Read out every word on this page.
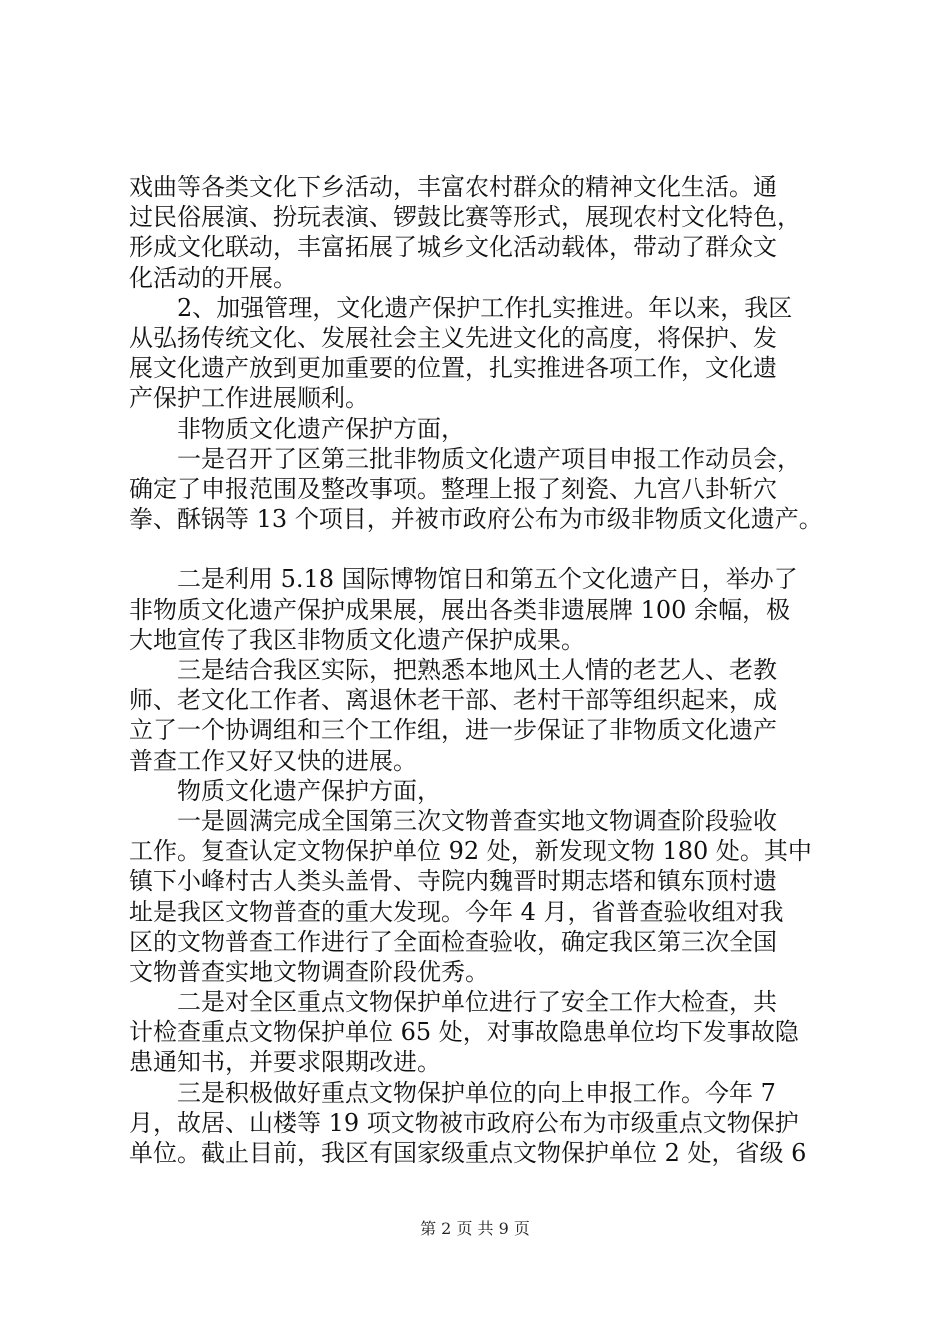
戏曲等各类文化下乡活动，丰富农村群众的精神文化生活。通
过民俗展演、扮玩表演、锣鼓比赛等形式，展现农村文化特色，
形成文化联动，丰富拓展了城乡文化活动载体，带动了群众文
化活动的开展。
2、加强管理，文化遗产保护工作扎实推进。年以来，我区
从弘扬传统文化、发展社会主义先进文化的高度，将保护、发
展文化遗产放到更加重要的位置，扎实推进各项工作，文化遗
产保护工作进展顺利。
非物质文化遗产保护方面，
一是召开了区第三批非物质文化遗产项目申报工作动员会，
确定了申报范围及整改事项。整理上报了刻瓷、九宫八卦斩穴
拳、酥锅等 13 个项目，并被市政府公布为市级非物质文化遗产。
二是利用 5.18 国际博物馆日和第五个文化遗产日，举办了
非物质文化遗产保护成果展，展出各类非遗展牌 100 余幅，极
大地宣传了我区非物质文化遗产保护成果。
三是结合我区实际，把熟悉本地风土人情的老艺人、老教
师、老文化工作者、离退休老干部、老村干部等组织起来，成
立了一个协调组和三个工作组，进一步保证了非物质文化遗产
普查工作又好又快的进展。
物质文化遗产保护方面，
一是圆满完成全国第三次文物普查实地文物调查阶段验收
工作。复查认定文物保护单位 92 处，新发现文物 180 处。其中
镇下小峰村古人类头盖骨、寺院内魏晋时期志塔和镇东顶村遗
址是我区文物普查的重大发现。今年 4 月，省普查验收组对我
区的文物普查工作进行了全面检查验收，确定我区第三次全国
文物普查实地文物调查阶段优秀。
二是对全区重点文物保护单位进行了安全工作大检查，共
计检查重点文物保护单位 65 处，对事故隐患单位均下发事故隐
患通知书，并要求限期改进。
三是积极做好重点文物保护单位的向上申报工作。今年 7
月，故居、山楼等 19 项文物被市政府公布为市级重点文物保护
单位。截止目前，我区有国家级重点文物保护单位 2 处，省级 6
第 2 页 共 9 页
